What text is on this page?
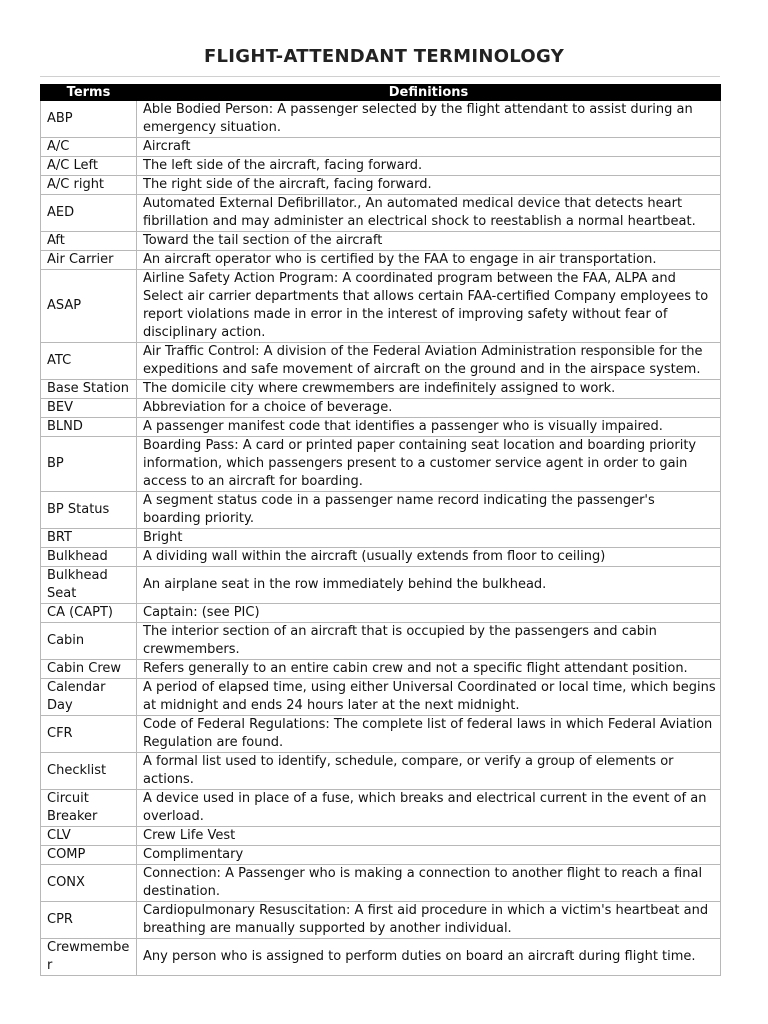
FLIGHT-ATTENDANT TERMINOLOGY
Terms	Definitions
ABP	Able Bodied Person: A passenger selected by the flight attendant to assist during an emergency situation.
A/C	Aircraft
A/C Left	The left side of the aircraft, facing forward.
A/C right	The right side of the aircraft, facing forward.
AED	Automated External Defibrillator., An automated medical device that detects heart fibrillation and may administer an electrical shock to reestablish a normal heartbeat.
Aft	Toward the tail section of the aircraft
Air Carrier	An aircraft operator who is certified by the FAA to engage in air transportation.
ASAP	Airline Safety Action Program: A coordinated program between the FAA, ALPA and Select air carrier departments that allows certain FAA-certified Company employees to report violations made in error in the interest of improving safety without fear of disciplinary action.
ATC	Air Traffic Control: A division of the Federal Aviation Administration responsible for the expeditions and safe movement of aircraft on the ground and in the airspace system.
Base Station	The domicile city where crewmembers are indefinitely assigned to work.
BEV	Abbreviation for a choice of beverage.
BLND	A passenger manifest code that identifies a passenger who is visually impaired.
BP	Boarding Pass: A card or printed paper containing seat location and boarding priority information, which passengers present to a customer service agent in order to gain access to an aircraft for boarding.
BP Status	A segment status code in a passenger name record indicating the passenger's boarding priority.
BRT	Bright
Bulkhead	A dividing wall within the aircraft (usually extends from floor to ceiling)
Bulkhead Seat	An airplane seat in the row immediately behind the bulkhead.
CA (CAPT)	Captain: (see PIC)
Cabin	The interior section of an aircraft that is occupied by the passengers and cabin crewmembers.
Cabin Crew	Refers generally to an entire cabin crew and not a specific flight attendant position.
Calendar Day	A period of elapsed time, using either Universal Coordinated or local time, which begins at midnight and ends 24 hours later at the next midnight.
CFR	Code of Federal Regulations: The complete list of federal laws in which Federal Aviation Regulation are found.
Checklist	A formal list used to identify, schedule, compare, or verify a group of elements or actions.
Circuit Breaker	A device used in place of a fuse, which breaks and electrical current in the event of an overload.
CLV	Crew Life Vest
COMP	Complimentary
CONX	Connection: A Passenger who is making a connection to another flight to reach a final destination.
CPR	Cardiopulmonary Resuscitation: A first aid procedure in which a victim's heartbeat and breathing are manually supported by another individual.
Crewmember	Any person who is assigned to perform duties on board an aircraft during flight time.
